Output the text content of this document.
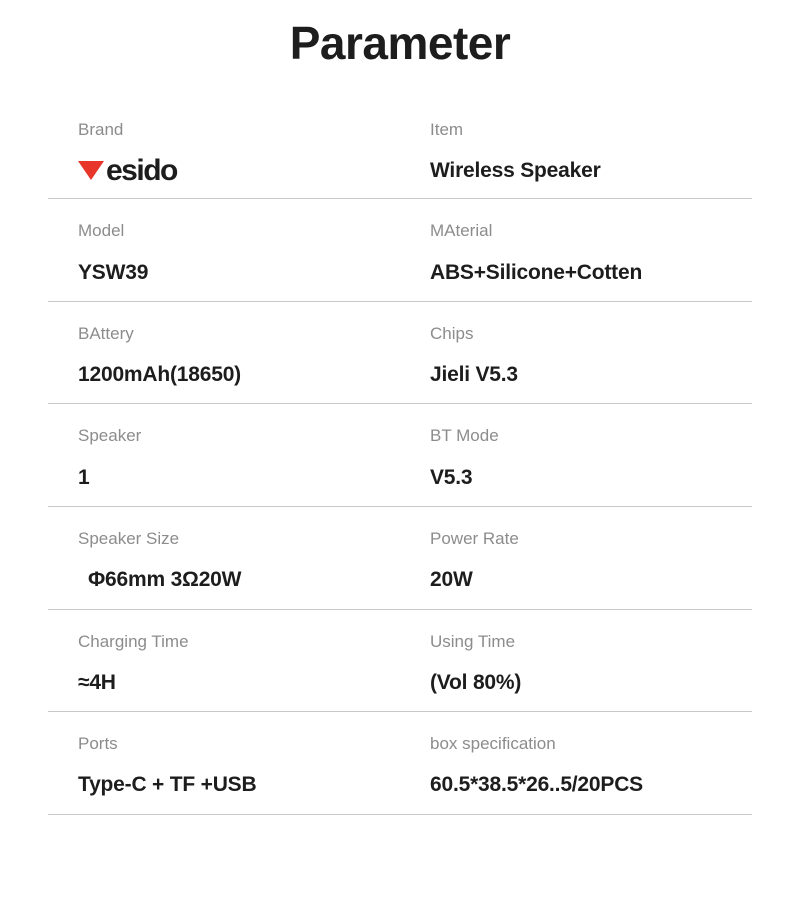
Parameter
Brand
esido
Item
Wireless Speaker
Model
YSW39
MAterial
ABS+Silicone+Cotten
BAttery
1200mAh(18650)
Chips
Jieli V5.3
Speaker
1
BT Mode
V5.3
Speaker Size
Φ66mm 3Ω20W
Power Rate
20W
Charging Time
≈4H
Using Time
(Vol 80%)
Ports
Type-C + TF +USB
box specification
60.5*38.5*26..5/20PCS
